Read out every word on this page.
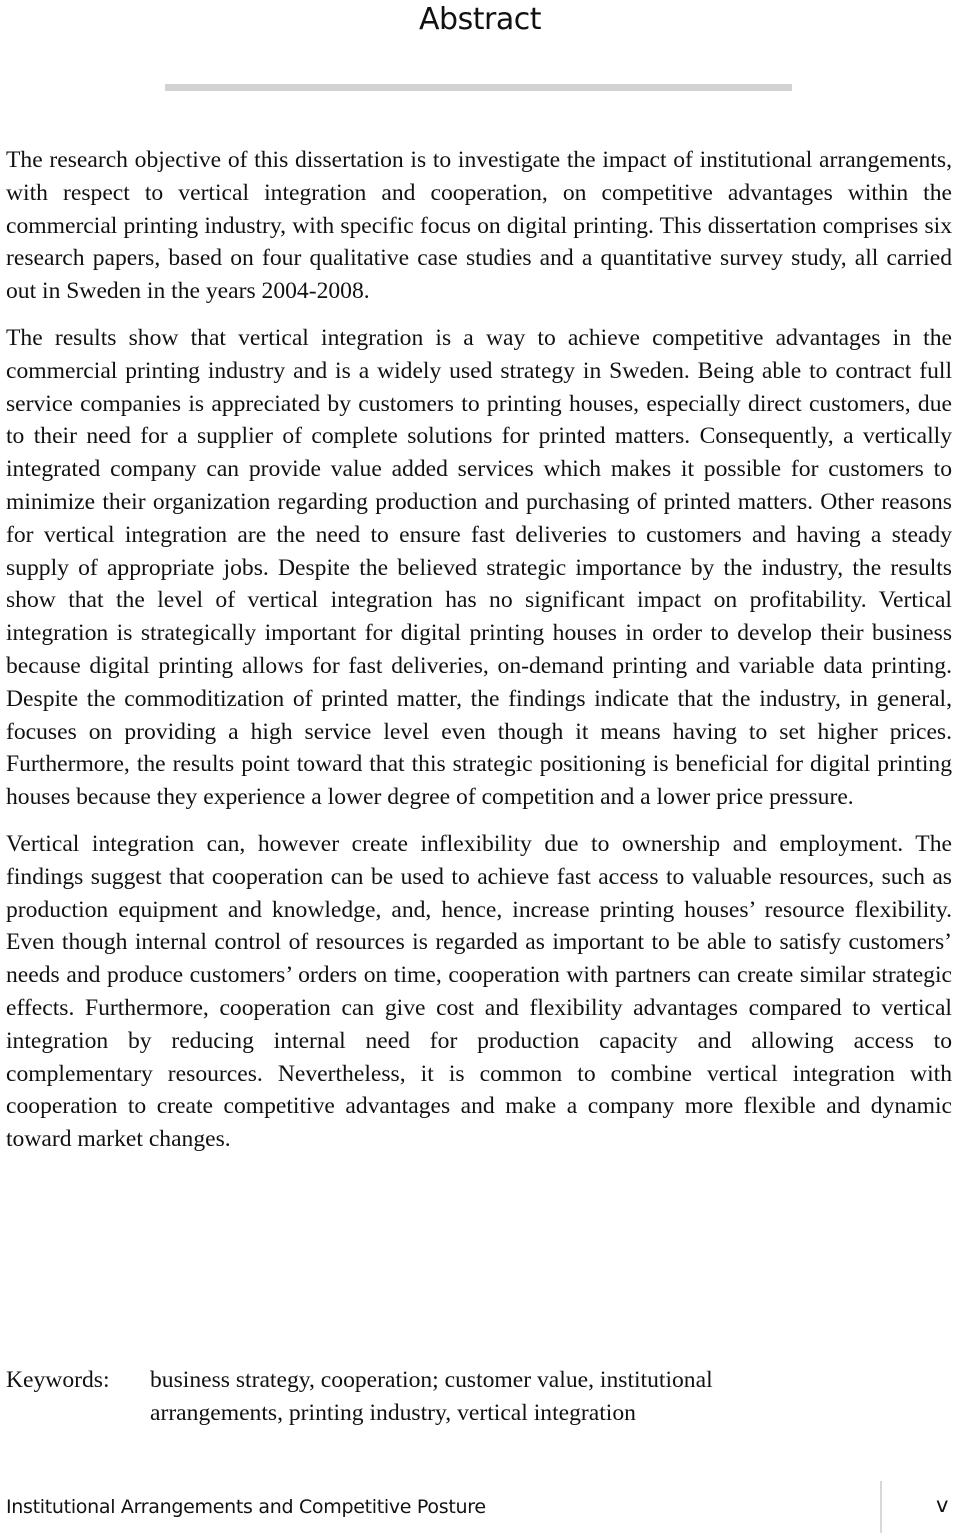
Abstract

The research objective of this dissertation is to investigate the impact of institutional arrangements, with respect to vertical integration and cooperation, on competitive advantages within the commercial printing industry, with specific focus on digital printing. This dissertation comprises six research papers, based on four qualitative case studies and a quantitative survey study, all carried out in Sweden in the years 2004-2008.

The results show that vertical integration is a way to achieve competitive advantages in the commercial printing industry and is a widely used strategy in Sweden. Being able to contract full service companies is appreciated by customers to printing houses, especially direct customers, due to their need for a supplier of complete solutions for printed matters. Consequently, a vertically integrated company can provide value added services which makes it possible for customers to minimize their organization regarding production and purchasing of printed matters. Other reasons for vertical integration are the need to ensure fast deliveries to customers and having a steady supply of appropriate jobs. Despite the believed strategic importance by the industry, the results show that the level of vertical integration has no significant impact on profitability. Vertical integration is strategically important for digital printing houses in order to develop their business because digital printing allows for fast deliveries, on-demand printing and variable data printing. Despite the commoditization of printed matter, the findings indicate that the industry, in general, focuses on providing a high service level even though it means having to set higher prices. Furthermore, the results point toward that this strategic positioning is beneficial for digital printing houses because they experience a lower degree of competition and a lower price pressure.

Vertical integration can, however create inflexibility due to ownership and employment. The findings suggest that cooperation can be used to achieve fast access to valuable resources, such as production equipment and knowledge, and, hence, increase printing houses’ resource flexibility. Even though internal control of resources is regarded as important to be able to satisfy customers’ needs and produce customers’ orders on time, cooperation with partners can create similar strategic effects. Furthermore, cooperation can give cost and flexibility advantages compared to vertical integration by reducing internal need for production capacity and allowing access to complementary resources. Nevertheless, it is common to combine vertical integration with cooperation to create competitive advantages and make a company more flexible and dynamic toward market changes.

Keywords:	business strategy, cooperation; customer value, institutional arrangements, printing industry, vertical integration
Institutional Arrangements and Competitive Posture	v
